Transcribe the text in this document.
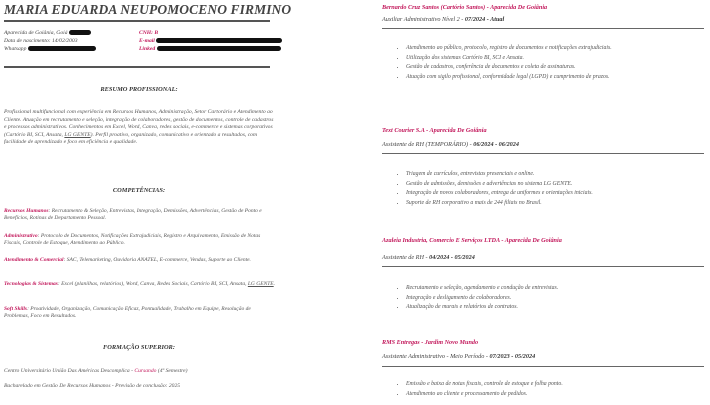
MARIA EDUARDA NEUPOMOCENO FIRMINO
Aparecida de Goiânia, Goiá
Data de nascimento: 14/02/2003
Whatsapp
CNH: B
E-mail
Linked
RESUMO PROFISSIONAL:
Profissional multifuncional com experiência em Recursos Humanos, Administração, Setor Cartorário e Atendimento ao Cliente. Atuação em recrutamento e seleção, integração de colaboradores, gestão de documentos, controle de cadastros e processos administrativos. Conhecimentos em Excel, Word, Canva, redes sociais, e-commerce e sistemas corporativos (Cartório BI, SCI, Ansata, LG GENTE). Perfil proativo, organizado, comunicativo e orientado a resultados, com facilidade de aprendizado e foco em eficiência e qualidade.
COMPETÊNCIAS:
Recursos Humanos: Recrutamento & Seleção, Entrevistas, Integração, Demissões, Advertências, Gestão de Ponto e Benefícios, Rotinas de Departamento Pessoal.
Administrativo: Protocolo de Documentos, Notificações Extrajudiciais, Registro e Arquivamento, Emissão de Notas Fiscais, Controle de Estoque, Atendimento ao Público.
Atendimento & Comercial: SAC, Telemarketing, Ouvidoria ANATEL, E-commerce, Vendas, Suporte ao Cliente.
Tecnologias & Sistemas: Excel (planilhas, relatórios), Word, Canva, Redes Sociais, Cartório BI, SCI, Ansata, LG GENTE.
Soft Skills: Proatividade, Organização, Comunicação Eficaz, Pontualidade, Trabalho em Equipe, Resolução de Problemas, Foco em Resultados.
FORMAÇÃO SUPERIOR:
Centro Universitário União Das Américas Descomplica - Cursando (4º Semestre)
Bacharelado em Gestão De Recursos Humanos - Previsão de conclusão: 2025
Bernardo Cruz Santos (Cartório Santos) - Aparecida De Goiânia
Auxiliar Administrativo Nível 2 - 07/2024 - Atual
• Atendimento ao público, protocolo, registro de documentos e notificações extrajudiciais.
• Utilização dos sistemas Cartório BI, SCI e Ansata.
• Gestão de cadastros, conferência de documentos e coleta de assinaturas.
• Atuação com sigilo profissional, conformidade legal (LGPD) e cumprimento de prazos.
Text Courier S.A - Aparecida De Goiânia
Assistente de RH (TEMPORÁRIO) - 06/2024 - 06/2024
• Triagem de currículos, entrevistas presenciais e online.
• Gestão de admissões, demissões e advertências no sistema LG GENTE.
• Integração de novos colaboradores, entrega de uniformes e orientações iniciais.
• Suporte de RH corporativo a mais de 244 filiais no Brasil.
Azaleia Industria, Comercio E Serviços LTDA - Aparecida De Goiânia
Assistente de RH - 04/2024 - 05/2024
• Recrutamento e seleção, agendamento e condução de entrevistas.
• Integração e desligamento de colaboradores.
• Atualização de murais e relatórios de contratos.
RMS Entregas - Jardim Novo Mundo
Assistente Administrativo - Meio Período - 07/2023 - 05/2024
• Emissão e baixa de notas fiscais, controle de estoque e folha ponto.
• Atendimento ao cliente e processamento de pedidos.
